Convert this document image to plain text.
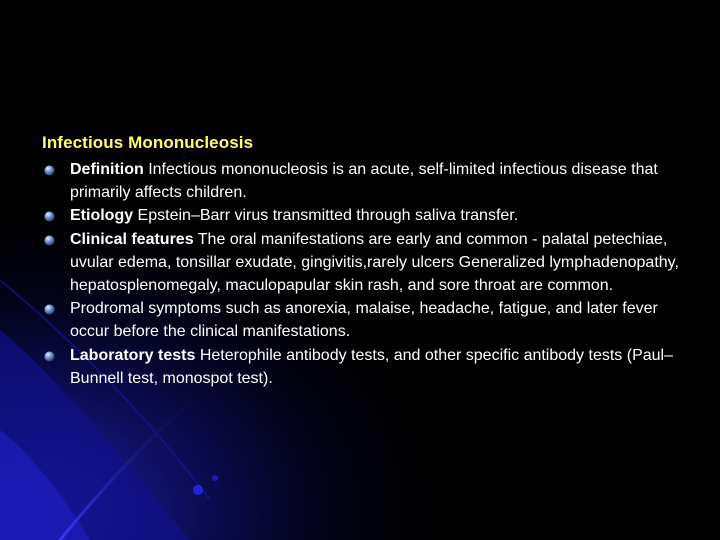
Infectious Mononucleosis
Definition Infectious mononucleosis is an acute, self-limited infectious disease that primarily affects children.
Etiology Epstein–Barr virus transmitted through saliva transfer.
Clinical features The oral manifestations are early and common - palatal petechiae, uvular edema, tonsillar exudate, gingivitis,rarely ulcers Generalized lymphadenopathy, hepatosplenomegaly, maculopapular skin rash, and sore throat are common.
Prodromal symptoms such as anorexia, malaise, headache, fatigue, and later fever occur before the clinical manifestations.
Laboratory tests Heterophile antibody tests, and other specific antibody tests (Paul–Bunnell test, monospot test).
